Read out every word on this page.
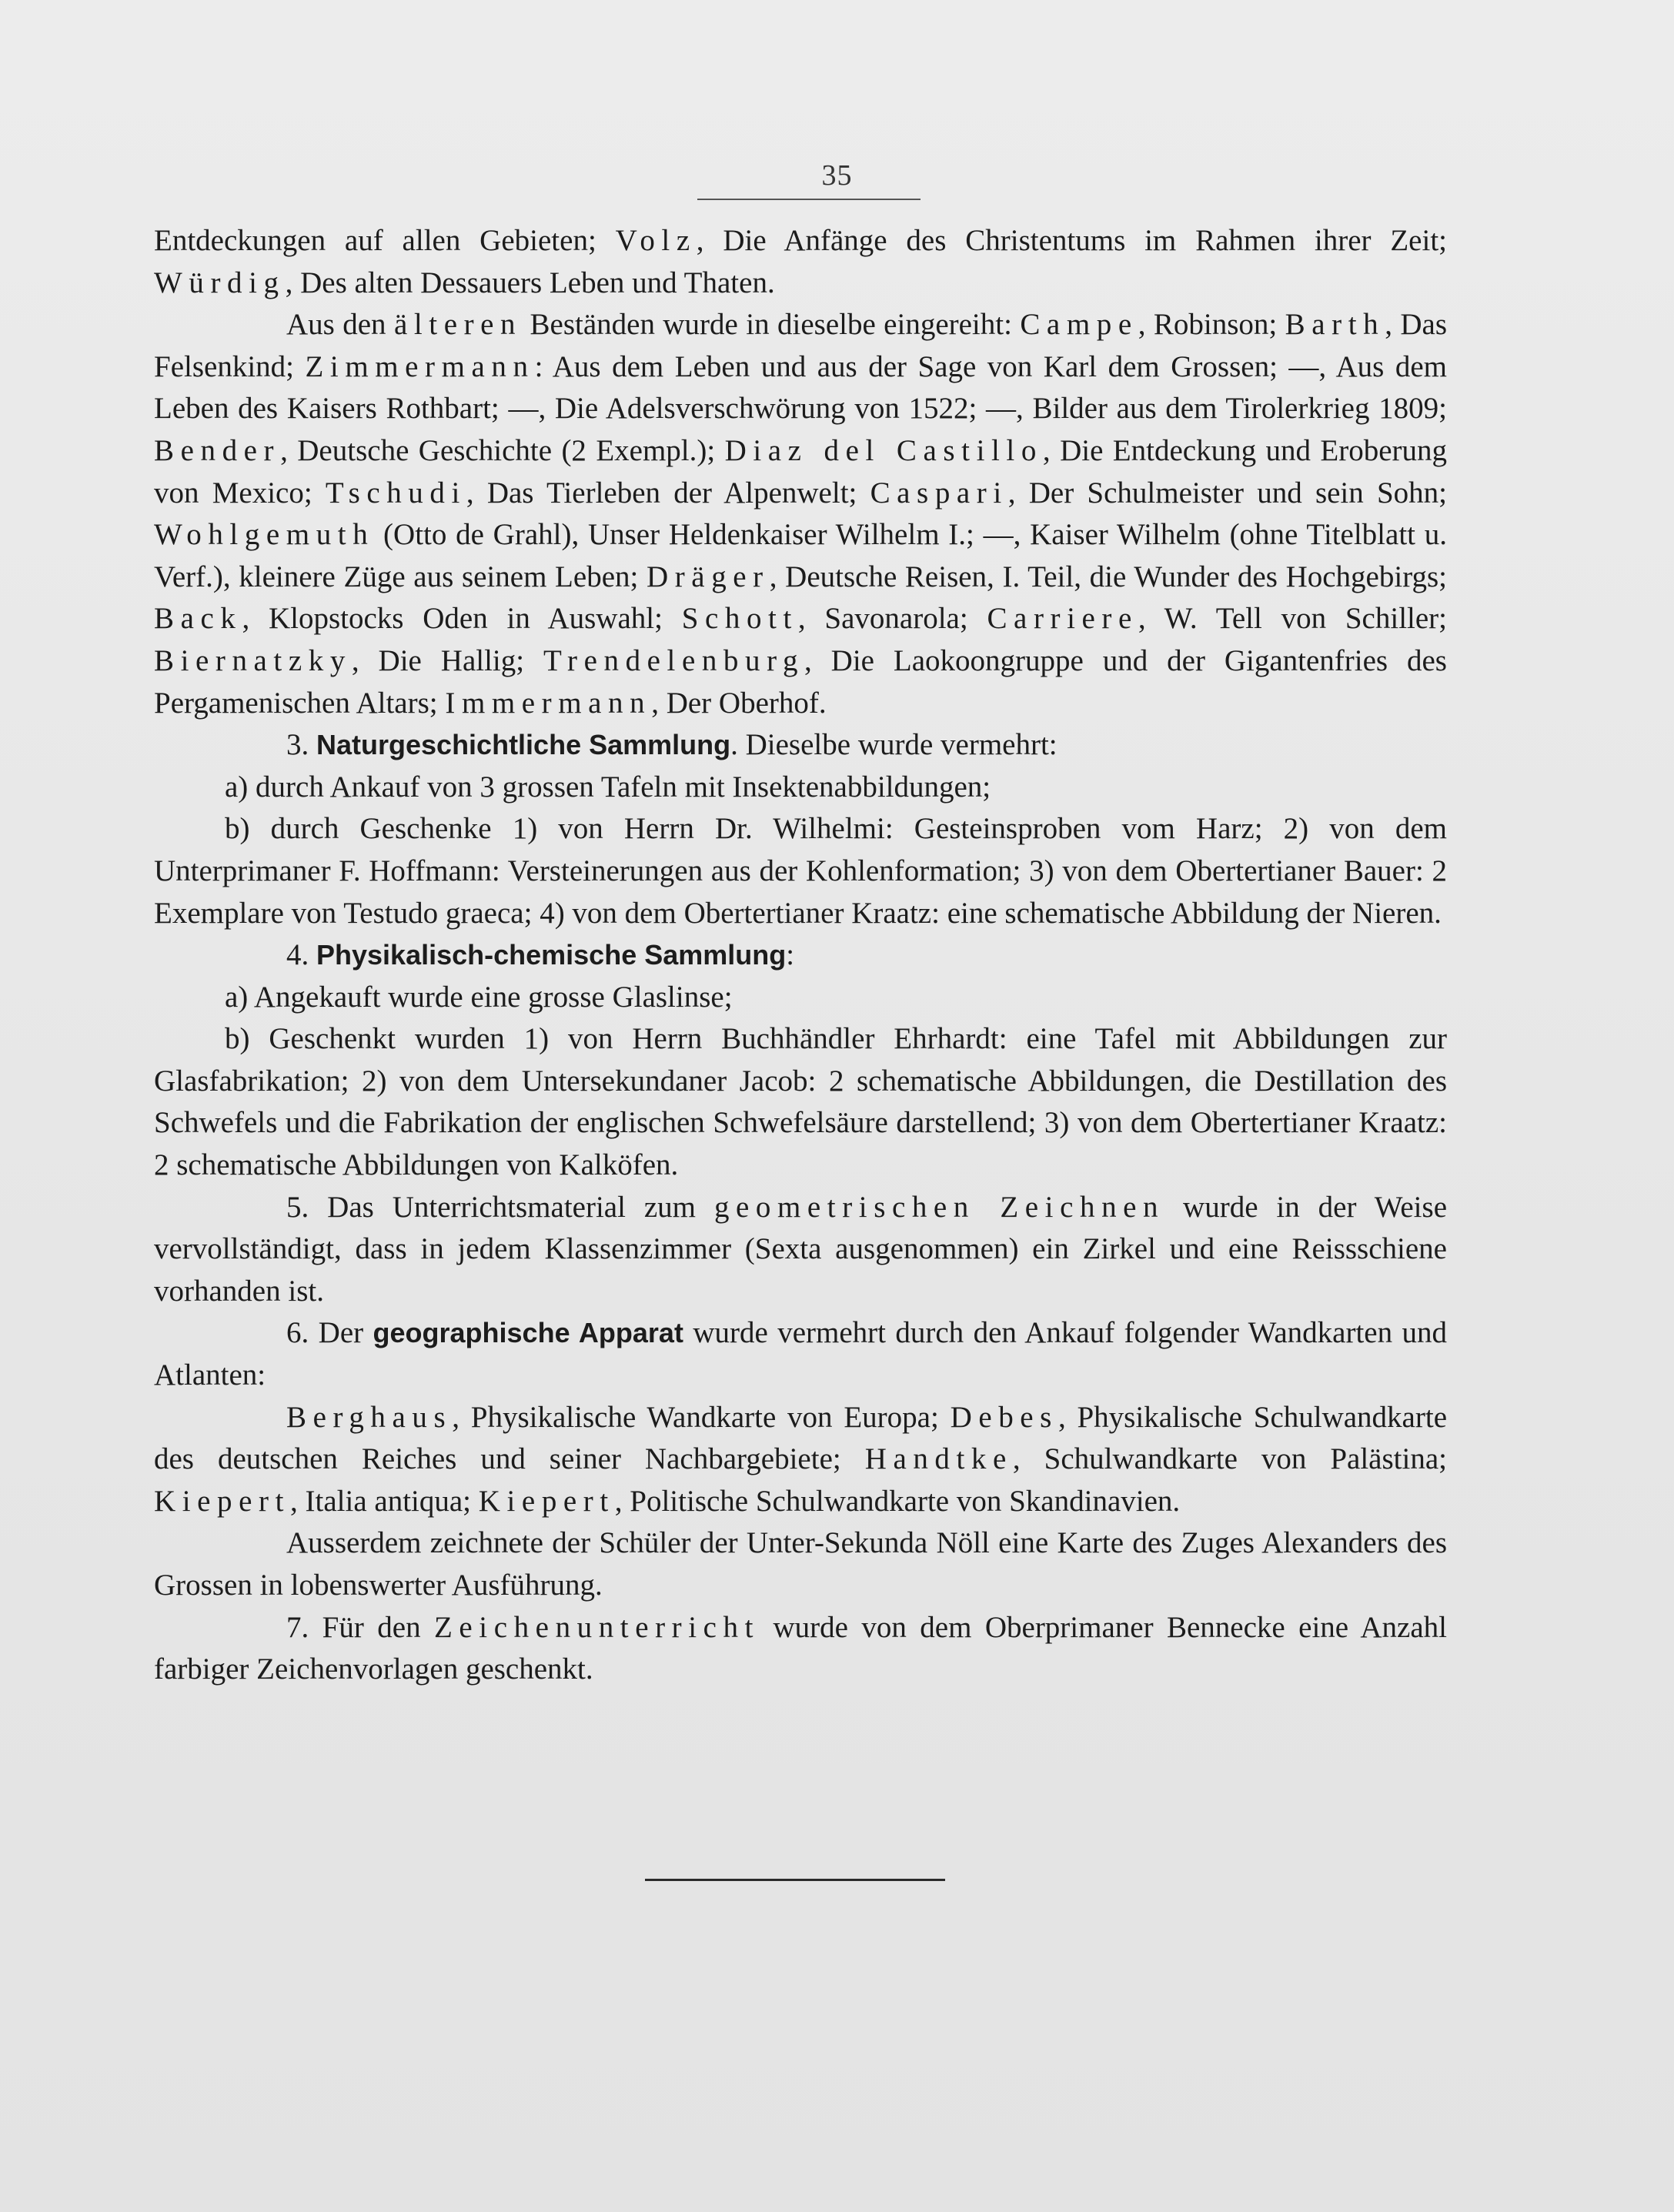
35

Entdeckungen auf allen Gebieten; Volz, Die Anfänge des Christentums im Rahmen ihrer Zeit; Würdig, Des alten Dessauers Leben und Thaten.

Aus den älteren Beständen wurde in dieselbe eingereiht: Campe, Robinson; Barth, Das Felsenkind; Zimmermann: Aus dem Leben und aus der Sage von Karl dem Grossen; —, Aus dem Leben des Kaisers Rothbart; —, Die Adelsverschwörung von 1522; —, Bilder aus dem Tirolerkrieg 1809; Bender, Deutsche Geschichte (2 Exempl.); Diaz del Castillo, Die Entdeckung und Eroberung von Mexico; Tschudi, Das Tierleben der Alpenwelt; Caspari, Der Schulmeister und sein Sohn; Wohlgemuth (Otto de Grahl), Unser Heldenkaiser Wilhelm I.; —, Kaiser Wilhelm (ohne Titelblatt u. Verf.), kleinere Züge aus seinem Leben; Dräger, Deutsche Reisen, I. Teil, die Wunder des Hochgebirgs; Back, Klopstocks Oden in Auswahl; Schott, Savonarola; Carriere, W. Tell von Schiller; Biernatzky, Die Hallig; Trendelenburg, Die Laokoongruppe und der Gigantenfries des Pergamenischen Altars; Immermann, Der Oberhof.

3. Naturgeschichtliche Sammlung. Dieselbe wurde vermehrt:

a) durch Ankauf von 3 grossen Tafeln mit Insektenabbildungen;

b) durch Geschenke 1) von Herrn Dr. Wilhelmi: Gesteinsproben vom Harz; 2) von dem Unterprimaner F. Hoffmann: Versteinerungen aus der Kohlenformation; 3) von dem Obertertianer Bauer: 2 Exemplare von Testudo graeca; 4) von dem Obertertianer Kraatz: eine schematische Abbildung der Nieren.

4. Physikalisch-chemische Sammlung:

a) Angekauft wurde eine grosse Glaslinse;

b) Geschenkt wurden 1) von Herrn Buchhändler Ehrhardt: eine Tafel mit Abbildungen zur Glasfabrikation; 2) von dem Untersekundaner Jacob: 2 schematische Abbildungen, die Destillation des Schwefels und die Fabrikation der englischen Schwefelsäure darstellend; 3) von dem Obertertianer Kraatz: 2 schematische Abbildungen von Kalköfen.

5. Das Unterrichtsmaterial zum geometrischen Zeichnen wurde in der Weise vervollständigt, dass in jedem Klassenzimmer (Sexta ausgenommen) ein Zirkel und eine Reissschiene vorhanden ist.

6. Der geographische Apparat wurde vermehrt durch den Ankauf folgender Wandkarten und Atlanten:

Berghaus, Physikalische Wandkarte von Europa; Debes, Physikalische Schulwandkarte des deutschen Reiches und seiner Nachbargebiete; Handtke, Schulwandkarte von Palästina; Kiepert, Italia antiqua; Kiepert, Politische Schulwandkarte von Skandinavien.

Ausserdem zeichnete der Schüler der Unter-Sekunda Nöll eine Karte des Zuges Alexanders des Grossen in lobenswerter Ausführung.

7. Für den Zeichenunterricht wurde von dem Oberprimaner Bennecke eine Anzahl farbiger Zeichenvorlagen geschenkt.
